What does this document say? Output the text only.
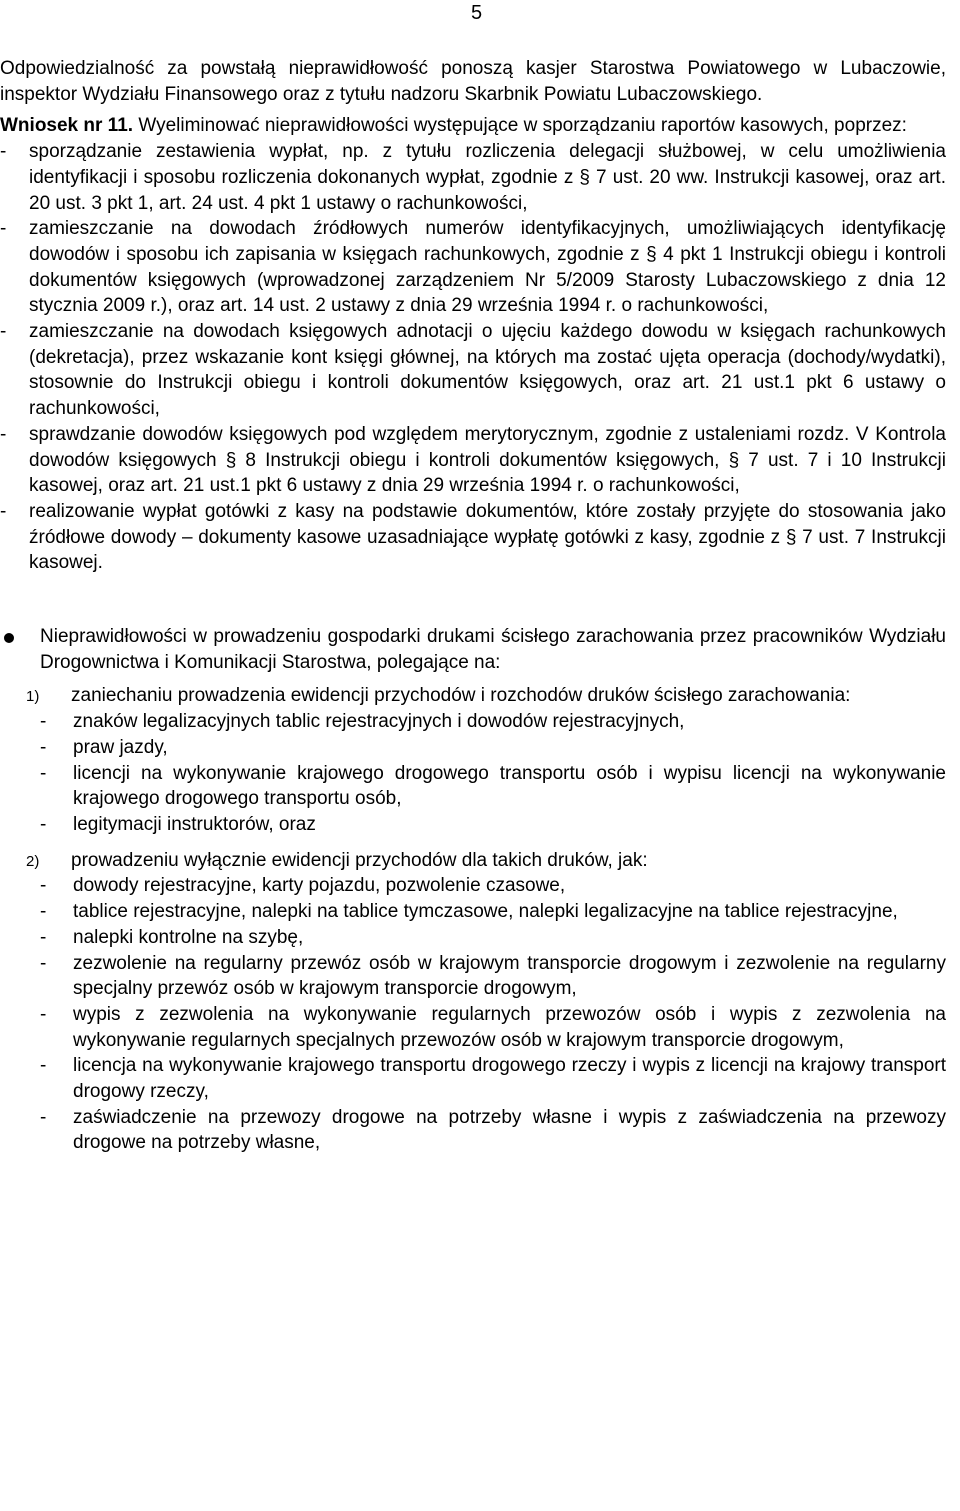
5

Odpowiedzialność za powstałą nieprawidłowość ponoszą kasjer Starostwa Powiatowego w Lubaczowie, inspektor Wydziału Finansowego oraz z tytułu nadzoru Skarbnik Powiatu Lubaczowskiego.

Wniosek nr 11. Wyeliminować nieprawidłowości występujące w sporządzaniu raportów kasowych, poprzez:

- sporządzanie zestawienia wypłat, np. z tytułu rozliczenia delegacji służbowej, w celu umożliwienia identyfikacji i sposobu rozliczenia dokonanych wypłat, zgodnie z § 7 ust. 20 ww. Instrukcji kasowej, oraz art. 20 ust. 3 pkt 1, art. 24 ust. 4 pkt 1 ustawy o rachunkowości,
- zamieszczanie na dowodach źródłowych numerów identyfikacyjnych, umożliwiających identyfikację dowodów i sposobu ich zapisania w księgach rachunkowych, zgodnie z § 4 pkt 1 Instrukcji obiegu i kontroli dokumentów księgowych (wprowadzonej zarządzeniem Nr 5/2009 Starosty Lubaczowskiego z dnia 12 stycznia 2009 r.), oraz art. 14 ust. 2 ustawy z dnia 29 września 1994 r. o rachunkowości,
- zamieszczanie na dowodach księgowych adnotacji o ujęciu każdego dowodu w księgach rachunkowych (dekretacja), przez wskazanie kont księgi głównej, na których ma zostać ujęta operacja (dochody/wydatki), stosownie do Instrukcji obiegu i kontroli dokumentów księgowych, oraz art. 21 ust.1 pkt 6 ustawy o rachunkowości,
- sprawdzanie dowodów księgowych pod względem merytorycznym, zgodnie z ustaleniami rozdz. V Kontrola dowodów księgowych § 8 Instrukcji obiegu i kontroli dokumentów księgowych, § 7 ust. 7 i 10 Instrukcji kasowej, oraz art. 21 ust.1 pkt 6 ustawy z dnia 29 września 1994 r. o rachunkowości,
- realizowanie wypłat gotówki z kasy na podstawie dokumentów, które zostały przyjęte do stosowania jako źródłowe dowody – dokumenty kasowe uzasadniające wypłatę gotówki z kasy, zgodnie z § 7 ust. 7 Instrukcji kasowej.

Nieprawidłowości w prowadzeniu gospodarki drukami ścisłego zarachowania przez pracowników Wydziału Drogownictwa i Komunikacji Starostwa, polegające na:

1) zaniechaniu prowadzenia ewidencji przychodów i rozchodów druków ścisłego zarachowania:
- znaków legalizacyjnych tablic rejestracyjnych i dowodów rejestracyjnych,
- praw jazdy,
- licencji na wykonywanie krajowego drogowego transportu osób i wypisu licencji na wykonywanie krajowego drogowego transportu osób,
- legitymacji instruktorów, oraz
2) prowadzeniu wyłącznie ewidencji przychodów dla takich druków, jak:
- dowody rejestracyjne, karty pojazdu, pozwolenie czasowe,
- tablice rejestracyjne, nalepki na tablice tymczasowe, nalepki legalizacyjne na tablice rejestracyjne,
- nalepki kontrolne na szybę,
- zezwolenie na regularny przewóz osób w krajowym transporcie drogowym i zezwolenie na regularny specjalny przewóz osób w krajowym transporcie drogowym,
- wypis z zezwolenia na wykonywanie regularnych przewozów osób i wypis z zezwolenia na wykonywanie regularnych specjalnych przewozów osób w krajowym transporcie drogowym,
- licencja na wykonywanie krajowego transportu drogowego rzeczy i wypis z licencji na krajowy transport drogowy rzeczy,
- zaświadczenie na przewozy drogowe na potrzeby własne i wypis z zaświadczenia na przewozy drogowe na potrzeby własne,
